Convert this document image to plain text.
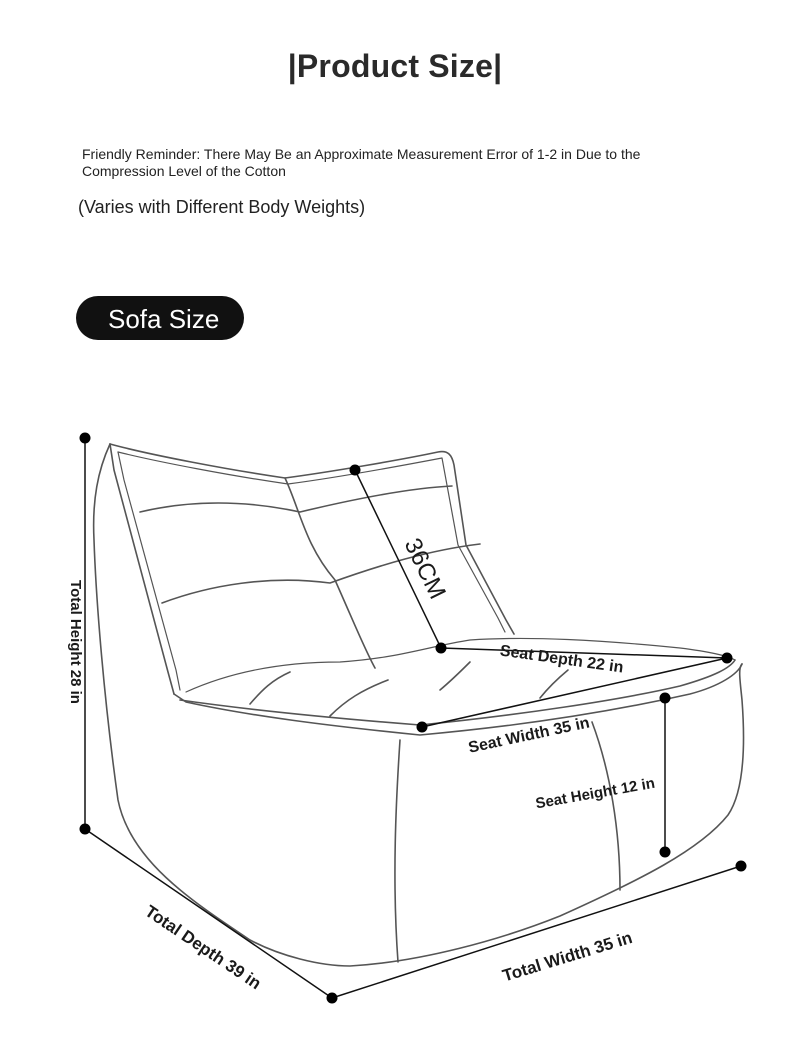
|Product Size|
Friendly Reminder: There May Be an Approximate Measurement Error of 1-2 in Due to the Compression Level of the Cotton
(Varies with Different Body Weights)
Sofa Size
Total Height 28 in
36CM
Seat Depth 22 in
Seat Width 35 in
Seat Height 12 in
Total Depth 39 in	Total Width 35 in
